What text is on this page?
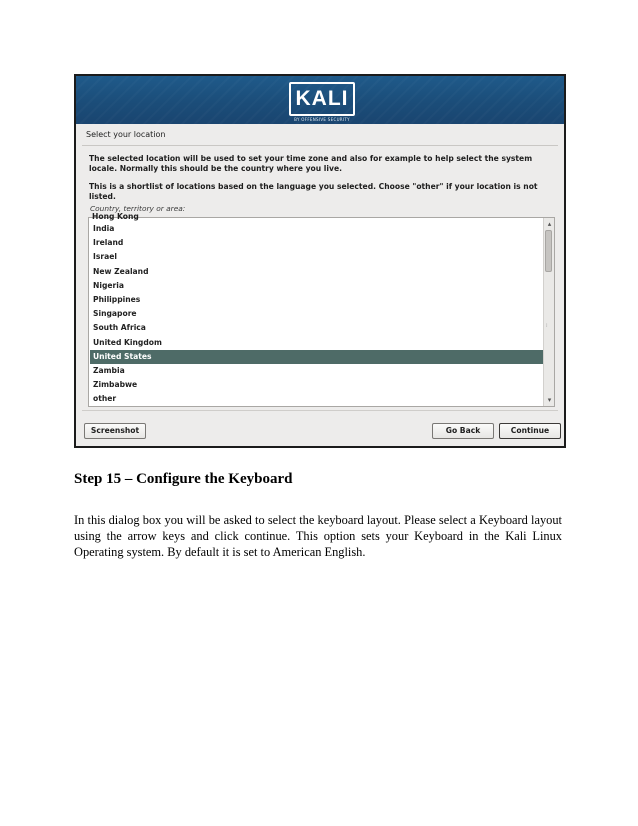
KALI
BY OFFENSIVE SECURITY
Select your location
The selected location will be used to set your time zone and also for example to help select the system locale. Normally this should be the country where you live.
This is a shortlist of locations based on the language you selected. Choose "other" if your location is not listed.
Country, territory or area:
Hong Kong
India
Ireland
Israel
New Zealand
Nigeria
Philippines
Singapore
South Africa
United Kingdom
United States
Zambia
Zimbabwe
other
▴
⁞
▾
Screenshot	Go Back	Continue
Step 15 – Configure the Keyboard
In this dialog box you will be asked to select the keyboard layout. Please select a Keyboard layout using the arrow keys and click continue. This option sets your Keyboard in the Kali Linux Operating system. By default it is set to American English.
